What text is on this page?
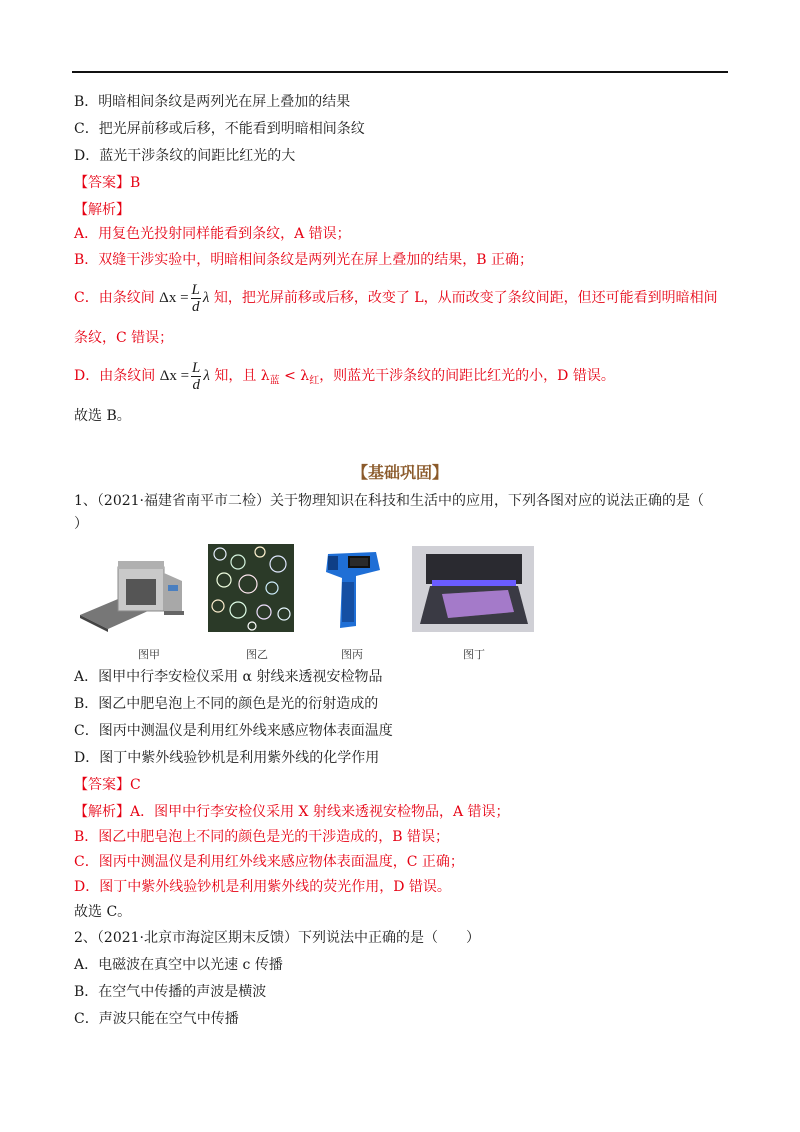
B．明暗相间条纹是两列光在屏上叠加的结果
C．把光屏前移或后移，不能看到明暗相间条纹
D．蓝光干涉条纹的间距比红光的大
【答案】B
【解析】
A．用复色光投射同样能看到条纹，A 错误；
B．双缝干涉实验中，明暗相间条纹是两列光在屏上叠加的结果，B 正确；
C．由条纹间 $\Delta x = \frac{L}{d}$ λ 知，把光屏前移或后移，改变了 L，从而改变了条纹间距，但还可能看到明暗相间
条纹，C 错误；
D．由条纹间 $\Delta x = \frac{L}{d}$ λ 知，且 $\lambda_蓝 < \lambda_红$，则蓝光干涉条纹的间距比红光的小，D 错误。
故选 B。
【基础巩固】
1、（2021·福建省南平市二检）关于物理知识在科技和生活中的应用，下列各图对应的说法正确的是（
）
图甲	图乙	图丙	图丁
A．图甲中行李安检仪采用 α 射线来透视安检物品
B．图乙中肥皂泡上不同的颜色是光的衍射造成的
C．图丙中测温仪是利用红外线来感应物体表面温度
D．图丁中紫外线验钞机是利用紫外线的化学作用
【答案】C
【解析】A．图甲中行李安检仪采用 X 射线来透视安检物品，A 错误；
B．图乙中肥皂泡上不同的颜色是光的干涉造成的，B 错误；
C．图丙中测温仪是利用红外线来感应物体表面温度，C 正确；
D．图丁中紫外线验钞机是利用紫外线的荧光作用，D 错误。
故选 C。
2、（2021·北京市海淀区期末反馈）下列说法中正确的是（　　）
A．电磁波在真空中以光速 c 传播
B．在空气中传播的声波是横波
C．声波只能在空气中传播
